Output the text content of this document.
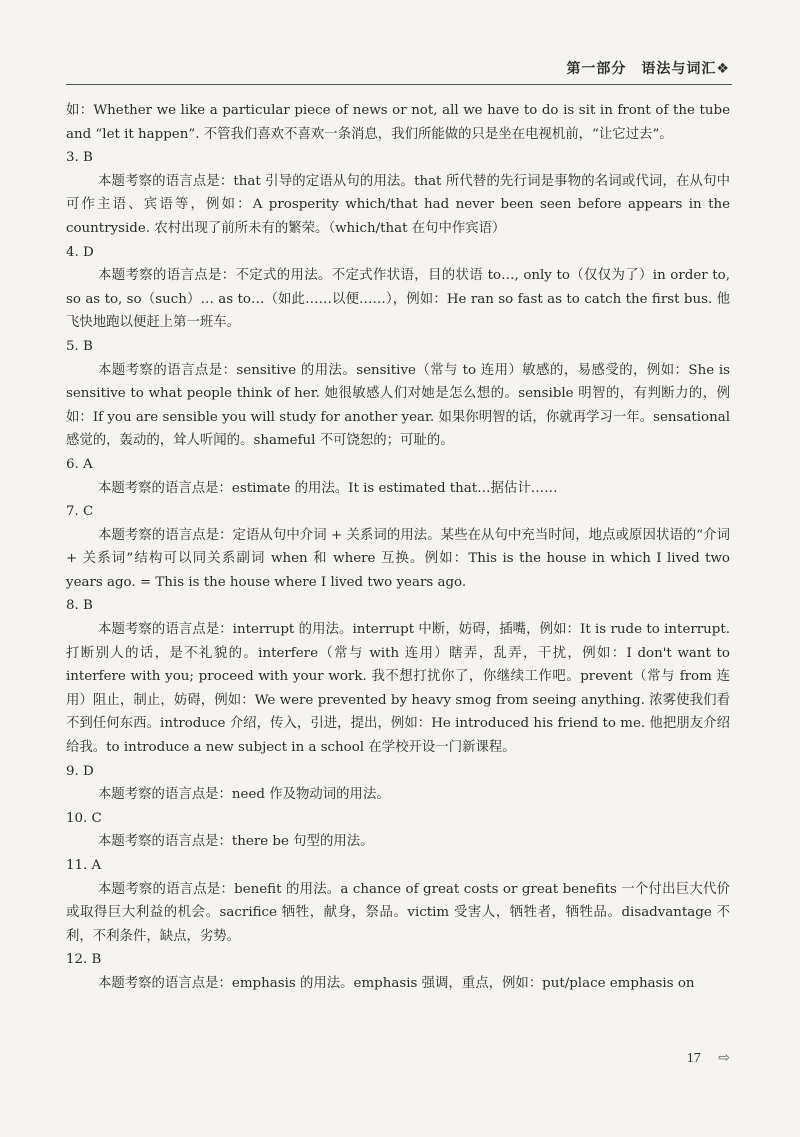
第一部分　语法与词汇❖

如：Whether we like a particular piece of news or not, all we have to do is sit in front of the tube and “let it happen”. 不管我们喜欢不喜欢一条消息，我们所能做的只是坐在电视机前，“让它过去”。

3. B

本题考察的语言点是：that 引导的定语从句的用法。that 所代替的先行词是事物的名词或代词，在从句中可作主语、宾语等，例如：A prosperity which/that had never been seen before appears in the countryside. 农村出现了前所未有的繁荣。（which/that 在句中作宾语）

4. D

本题考察的语言点是：不定式的用法。不定式作状语，目的状语 to…, only to（仅仅为了）in order to, so as to, so（such）… as to…（如此……以便……），例如：He ran so fast as to catch the first bus. 他飞快地跑以便赶上第一班车。

5. B

本题考察的语言点是：sensitive 的用法。sensitive（常与 to 连用）敏感的，易感受的，例如：She is sensitive to what people think of her. 她很敏感人们对她是怎么想的。sensible 明智的，有判断力的，例如：If you are sensible you will study for another year. 如果你明智的话，你就再学习一年。sensational 感觉的，轰动的，耸人听闻的。shameful 不可饶恕的；可耻的。

6. A

本题考察的语言点是：estimate 的用法。It is estimated that…据估计……

7. C

本题考察的语言点是：定语从句中介词 + 关系词的用法。某些在从句中充当时间，地点或原因状语的“介词 + 关系词”结构可以同关系副词 when 和 where 互换。例如：This is the house in which I lived two years ago. = This is the house where I lived two years ago.

8. B

本题考察的语言点是：interrupt 的用法。interrupt 中断，妨碍，插嘴，例如：It is rude to interrupt. 打断别人的话，是不礼貌的。interfere（常与 with 连用）瞎弄，乱弄，干扰，例如：I don't want to interfere with you; proceed with your work. 我不想打扰你了，你继续工作吧。prevent（常与 from 连用）阻止，制止，妨碍，例如：We were prevented by heavy smog from seeing anything. 浓雾使我们看不到任何东西。introduce 介绍，传入，引进，提出，例如：He introduced his friend to me. 他把朋友介绍给我。to introduce a new subject in a school 在学校开设一门新课程。

9. D

本题考察的语言点是：need 作及物动词的用法。

10. C

本题考察的语言点是：there be 句型的用法。

11. A

本题考察的语言点是：benefit 的用法。a chance of great costs or great benefits 一个付出巨大代价或取得巨大利益的机会。sacrifice 牺牲，献身，祭品。victim 受害人，牺牲者，牺牲品。disadvantage 不利，不利条件，缺点，劣势。

12. B

本题考察的语言点是：emphasis 的用法。emphasis 强调，重点，例如：put/place emphasis on

17 ⇨
